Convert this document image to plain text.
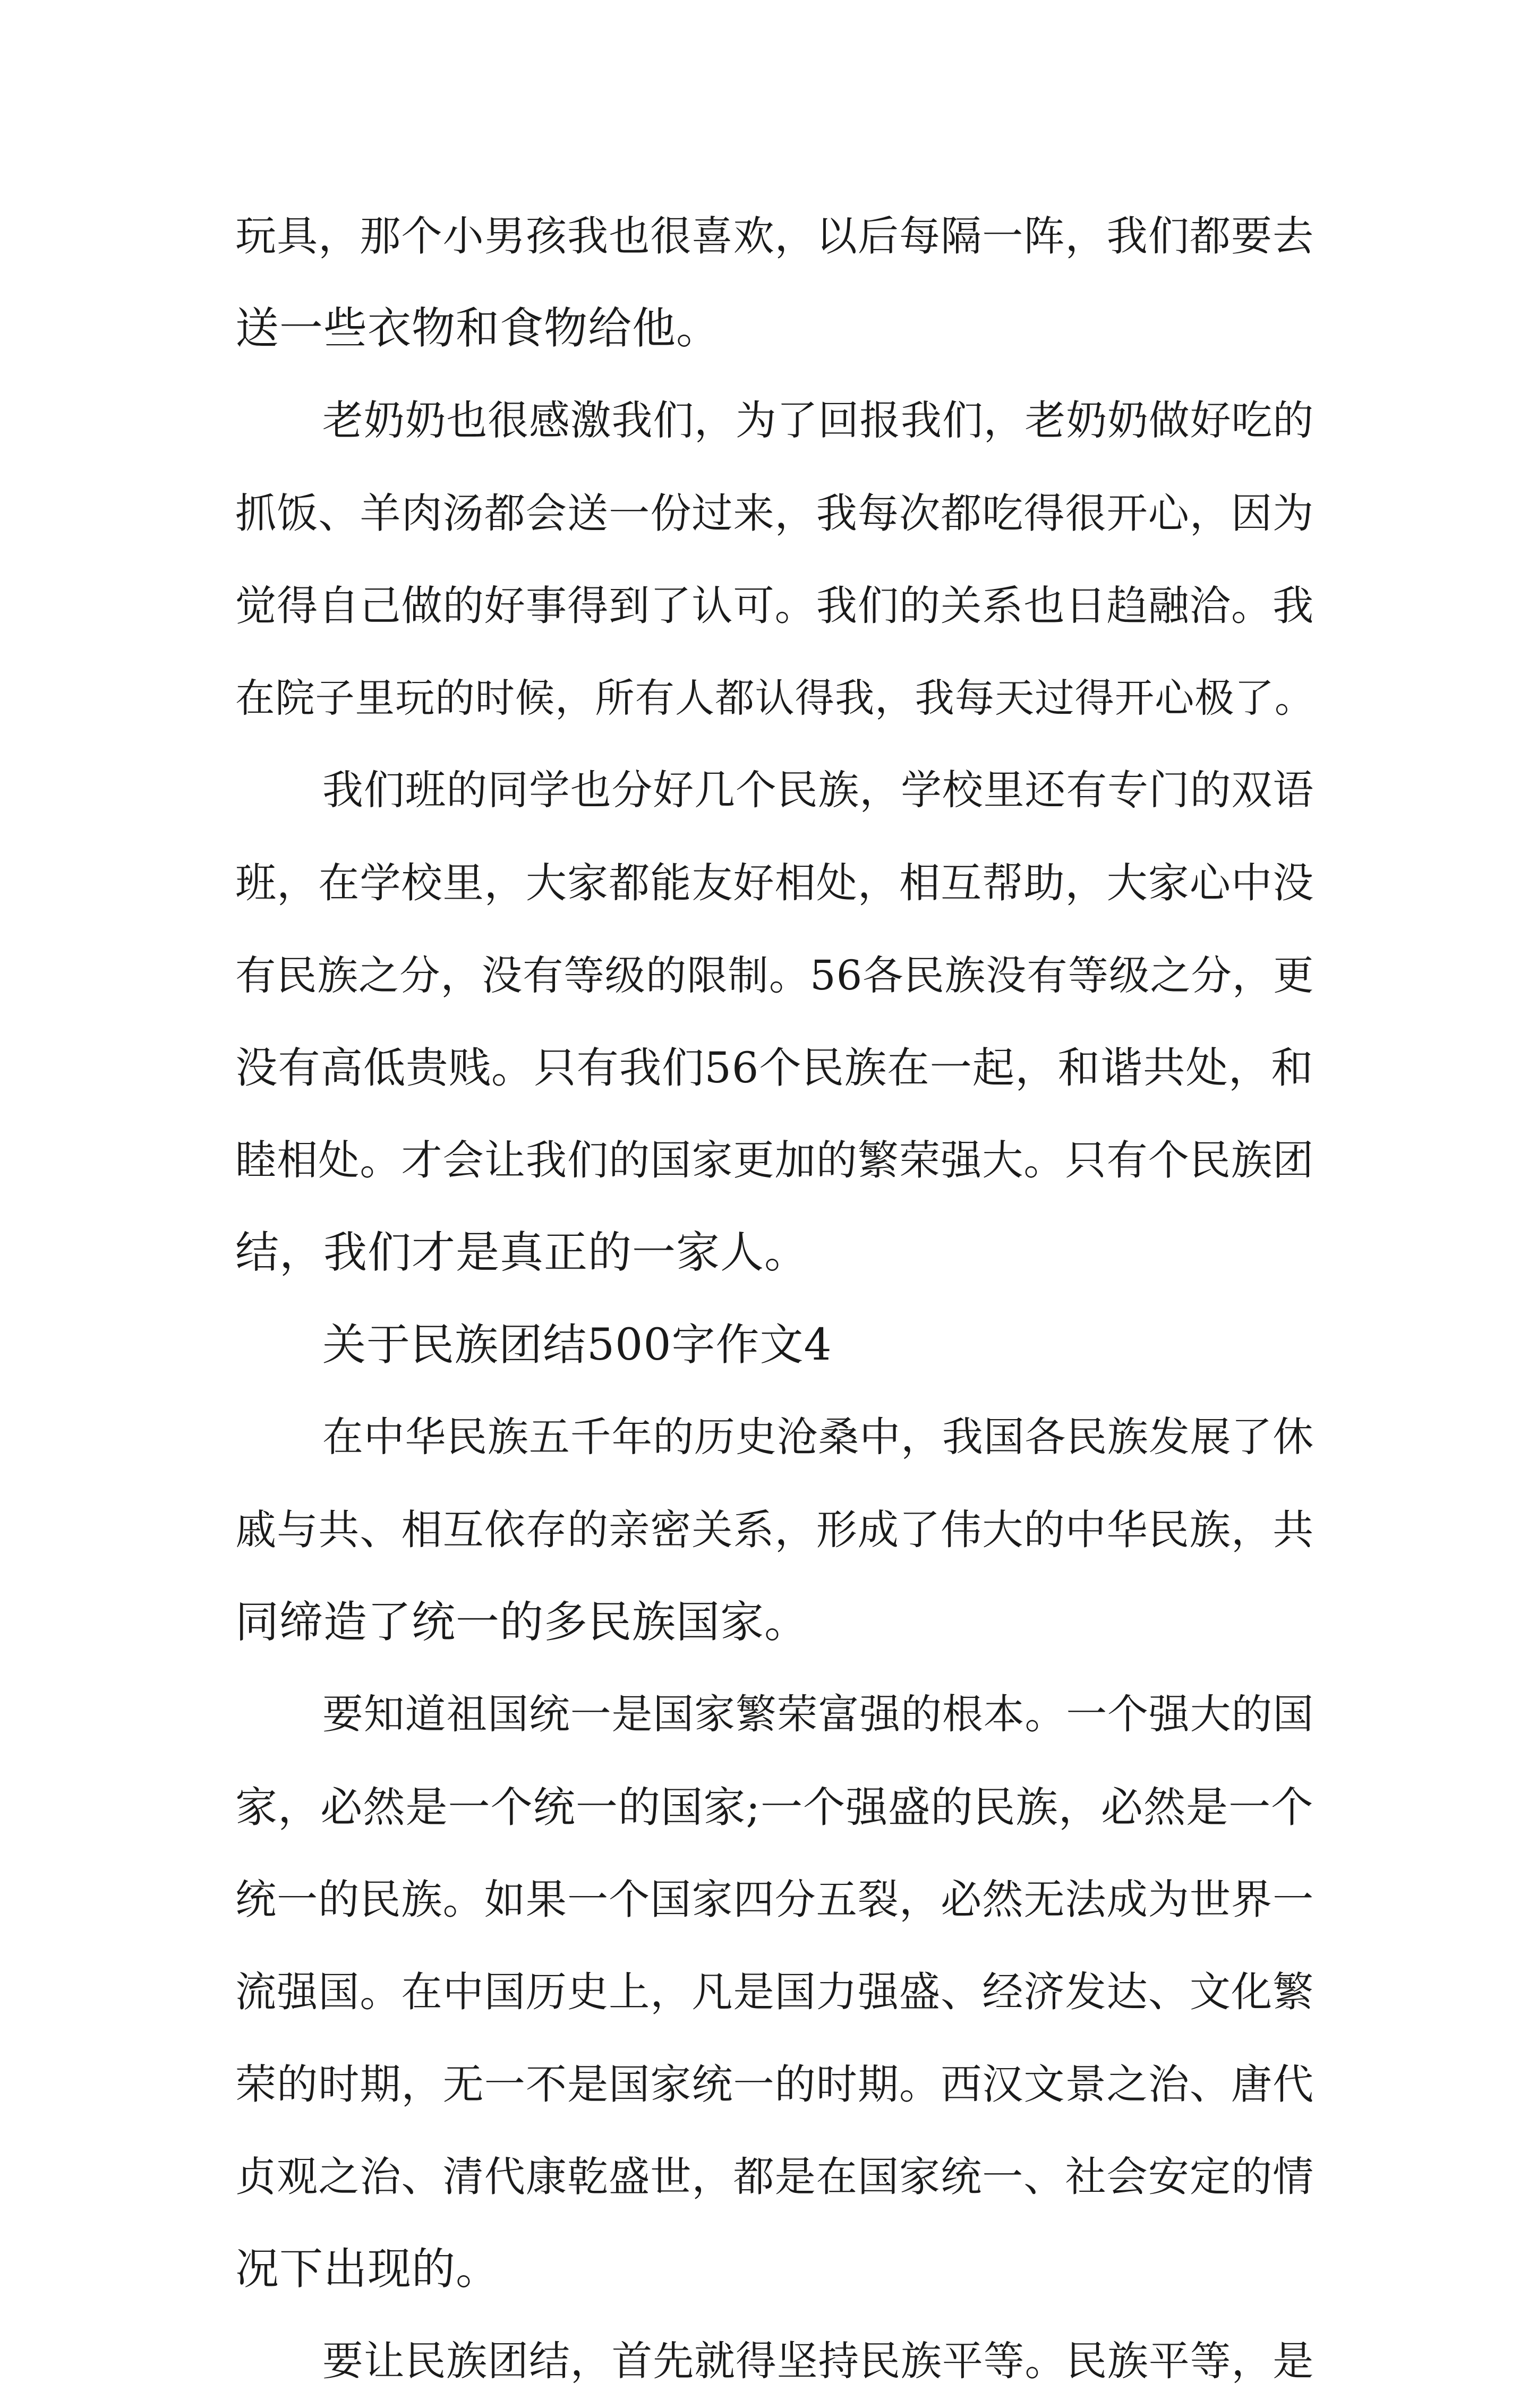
玩具，那个小男孩我也很喜欢，以后每隔一阵，我们都要去
送一些衣物和食物给他。
老奶奶也很感激我们，为了回报我们，老奶奶做好吃的
抓饭、羊肉汤都会送一份过来，我每次都吃得很开心，因为
觉得自己做的好事得到了认可。我们的关系也日趋融洽。我
在院子里玩的时候，所有人都认得我，我每天过得开心极了。
我们班的同学也分好几个民族，学校里还有专门的双语
班，在学校里，大家都能友好相处，相互帮助，大家心中没
有民族之分，没有等级的限制。56各民族没有等级之分，更
没有高低贵贱。只有我们56个民族在一起，和谐共处，和
睦相处。才会让我们的国家更加的繁荣强大。只有个民族团
结，我们才是真正的一家人。
关于民族团结500字作文4
在中华民族五千年的历史沧桑中，我国各民族发展了休
戚与共、相互依存的亲密关系，形成了伟大的中华民族，共
同缔造了统一的多民族国家。
要知道祖国统一是国家繁荣富强的根本。一个强大的国
家，必然是一个统一的国家;一个强盛的民族，必然是一个
统一的民族。如果一个国家四分五裂，必然无法成为世界一
流强国。在中国历史上，凡是国力强盛、经济发达、文化繁
荣的时期，无一不是国家统一的时期。西汉文景之治、唐代
贞观之治、清代康乾盛世，都是在国家统一、社会安定的情
况下出现的。
要让民族团结，首先就得坚持民族平等。民族平等，是
